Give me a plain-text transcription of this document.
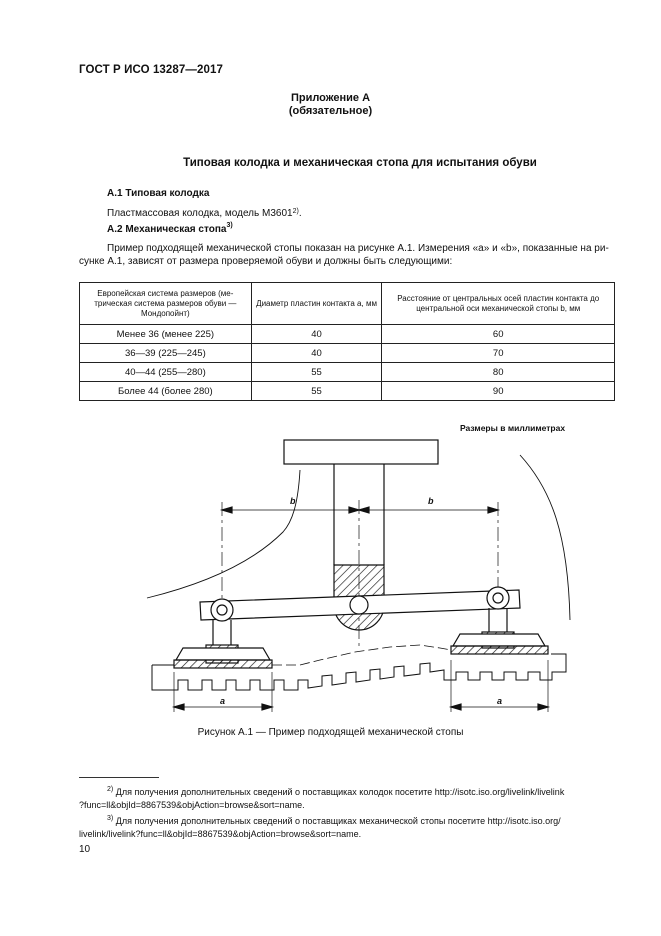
ГОСТ Р ИСО 13287—2017
Приложение А
(обязательное)
Типовая колодка и механическая стопа для испытания обуви
А.1 Типовая колодка
Пластмассовая колодка, модель М3601$^{2)}$.
А.2 Механическая стопа$^{3)}$
Пример подходящей механической стопы показан на рисунке А.1. Измерения «а» и «b», показанные на ри-
сунке А.1, зависят от размера проверяемой обуви и должны быть следующими:
Европейская система размеров (ме- трическая система размеров обуви — Мондопойнт)	Диаметр пластин контакта а, мм	Расстояние от центральных осей пластин контакта до центральной оси механической стопы b, мм
Менее 36 (менее 225)	40	60
36—39 (225—245)	40	70
40—44 (255—280)	55	80
Более 44 (более 280)	55	90
Размеры в миллиметрах
b	b
a	a
Рисунок А.1 — Пример подходящей механической стопы
$^{2)}$ Для получения дополнительных сведений о поставщиках колодок посетите http://isotc.iso.org/livelink/livelink
?func=ll&objId=8867539&objAction=browse&sort=name.
$^{3)}$ Для получения дополнительных сведений о поставщиках механической стопы посетите http://isotc.iso.org/
livelink/livelink?func=ll&objId=8867539&objAction=browse&sort=name.
10
